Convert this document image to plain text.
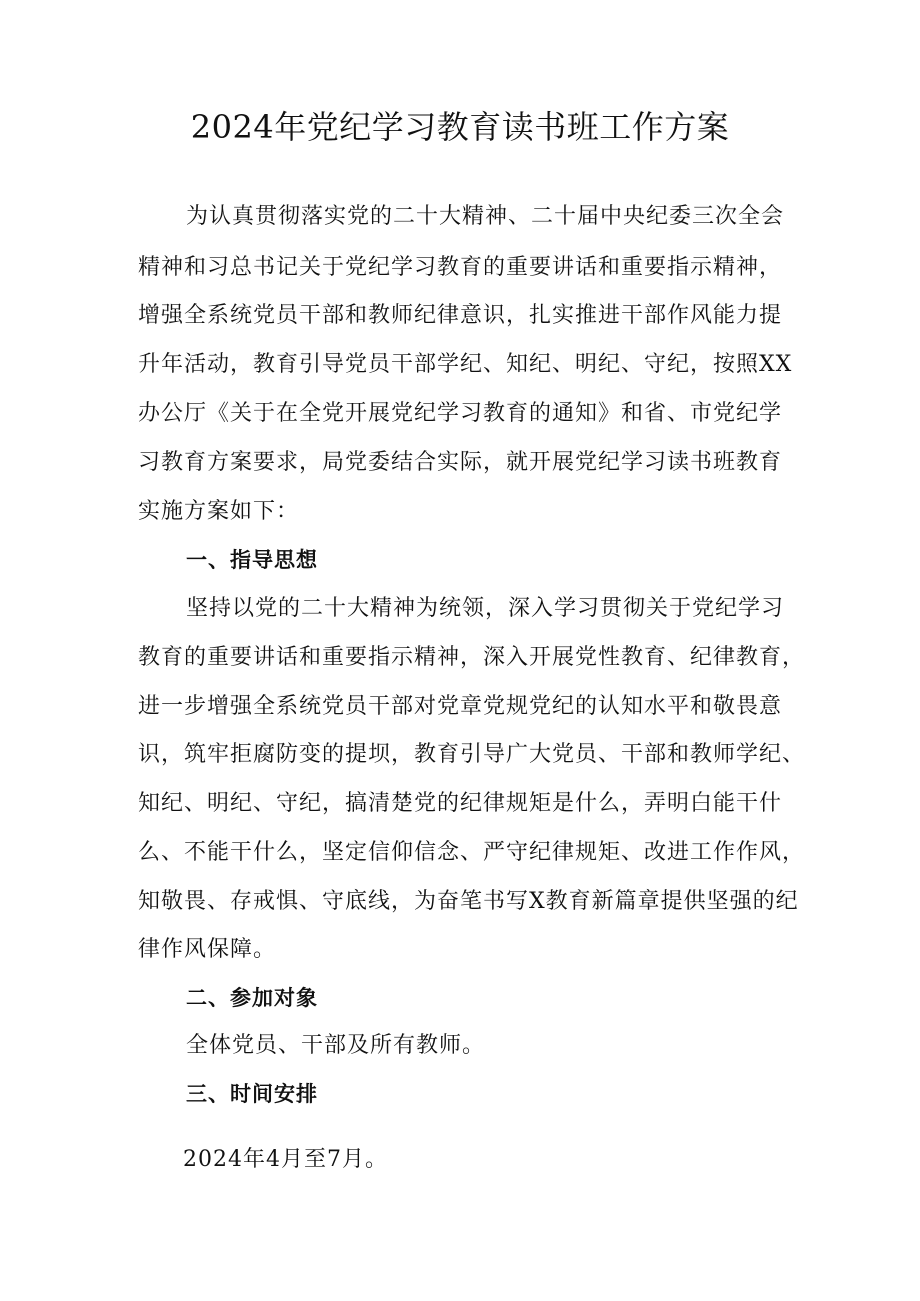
2024年党纪学习教育读书班工作方案
为认真贯彻落实党的二十大精神、二十届中央纪委三次全会
精神和习总书记关于党纪学习教育的重要讲话和重要指示精神，
增强全系统党员干部和教师纪律意识，扎实推进干部作风能力提
升年活动，教育引导党员干部学纪、知纪、明纪、守纪，按照XX
办公厅《关于在全党开展党纪学习教育的通知》和省、市党纪学
习教育方案要求，局党委结合实际，就开展党纪学习读书班教育
实施方案如下：
一、指导思想
坚持以党的二十大精神为统领，深入学习贯彻关于党纪学习
教育的重要讲话和重要指示精神，深入开展党性教育、纪律教育，
进一步增强全系统党员干部对党章党规党纪的认知水平和敬畏意
识，筑牢拒腐防变的提坝，教育引导广大党员、干部和教师学纪、
知纪、明纪、守纪，搞清楚党的纪律规矩是什么，弄明白能干什
么、不能干什么，坚定信仰信念、严守纪律规矩、改进工作作风，
知敬畏、存戒惧、守底线，为奋笔书写X教育新篇章提供坚强的纪
律作风保障。
二、参加对象
全体党员、干部及所有教师。
三、时间安排
2024年4月至7月。
